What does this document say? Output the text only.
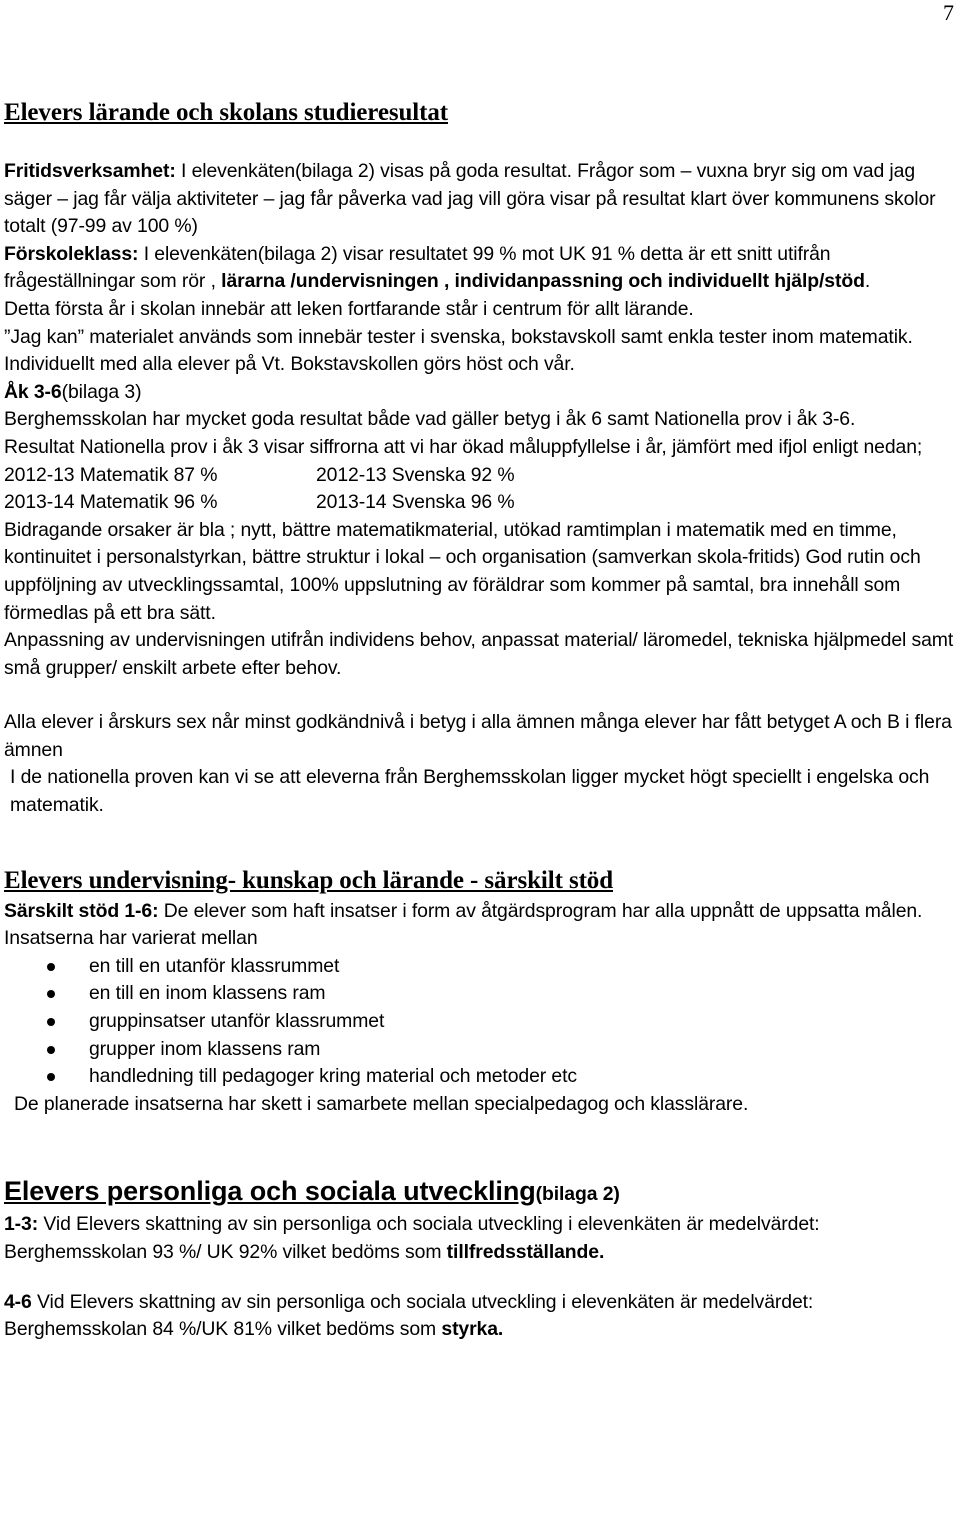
7
Elevers lärande och skolans studieresultat

Fritidsverksamhet: I elevenkäten(bilaga 2) visas på goda resultat. Frågor som – vuxna bryr sig om vad jag säger – jag får välja aktiviteter – jag får påverka vad jag vill göra visar på resultat klart över kommunens skolor totalt (97-99 av 100 %)

Förskoleklass: I elevenkäten(bilaga 2) visar resultatet 99 % mot UK 91 % detta är ett snitt utifrån frågeställningar som rör , lärarna /undervisningen , individanpassning och individuellt hjälp/stöd.

Detta första år i skolan innebär att leken fortfarande står i centrum för allt lärande.

”Jag kan” materialet används som innebär tester i svenska, bokstavskoll samt enkla tester inom matematik. Individuellt med alla elever på Vt. Bokstavskollen görs höst och vår.

Åk 3-6(bilaga 3)

Berghemsskolan har mycket goda resultat både vad gäller betyg i åk 6 samt Nationella prov i åk 3-6.

Resultat Nationella prov i åk 3 visar siffrorna att vi har ökad måluppfyllelse i år, jämfört med ifjol enligt nedan;

2012-13 Matematik 87 %	2012-13 Svenska 92 %
2013-14 Matematik 96 %	2013-14 Svenska 96 %

Bidragande orsaker är bla ; nytt, bättre matematikmaterial, utökad ramtimplan i matematik med en timme, kontinuitet i personalstyrkan, bättre struktur i lokal – och organisation (samverkan skola-fritids) God rutin och uppföljning av utvecklingssamtal, 100% uppslutning av föräldrar som kommer på samtal, bra innehåll som förmedlas på ett bra sätt.

Anpassning av undervisningen utifrån individens behov, anpassat material/ läromedel, tekniska hjälpmedel samt små grupper/ enskilt arbete efter behov.

Alla elever i årskurs sex når minst godkändnivå i betyg i alla ämnen många elever har fått betyget A och B i flera ämnen

I de nationella proven kan vi se att eleverna från Berghemsskolan ligger mycket högt speciellt i engelska och matematik.

Elevers undervisning- kunskap och lärande - särskilt stöd

Särskilt stöd 1-6: De elever som haft insatser i form av åtgärdsprogram har alla uppnått de uppsatta målen.

Insatserna har varierat mellan

en till en utanför klassrummet
en till en inom klassens ram
gruppinsatser utanför klassrummet
grupper inom klassens ram
handledning till pedagoger kring material och metoder etc

De planerade insatserna har skett i samarbete mellan specialpedagog och klasslärare.

Elevers personliga och sociala utveckling(bilaga 2)

1-3: Vid Elevers skattning av sin personliga och sociala utveckling i elevenkäten är medelvärdet: Berghemsskolan 93 %/ UK 92% vilket bedöms som tillfredsställande.

4-6 Vid Elevers skattning av sin personliga och sociala utveckling i elevenkäten är medelvärdet: Berghemsskolan 84 %/UK 81% vilket bedöms som styrka.
